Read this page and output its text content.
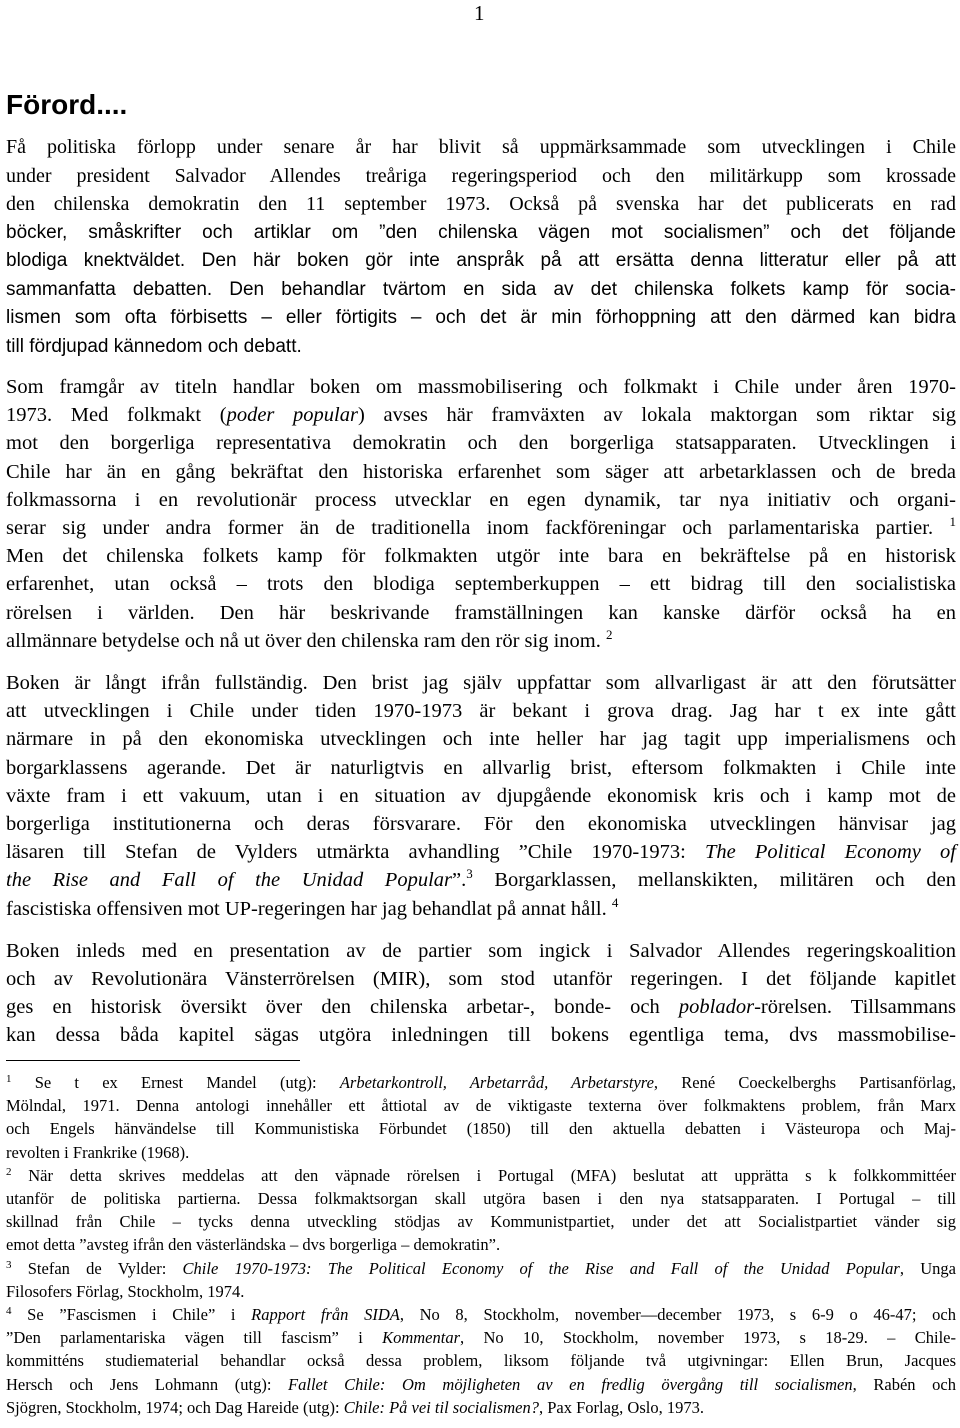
1
Förord....

Få politiska förlopp under senare år har blivit så uppmärksammade som utvecklingen i Chile
under president Salvador Allendes treåriga regeringsperiod och den militärkupp som krossade
den chilenska demokratin den 11 september 1973. Också på svenska har det publicerats en rad
böcker, småskrifter och artiklar om ”den chilenska vägen mot socialismen” och det följande
blodiga knektväldet. Den här boken gör inte anspråk på att ersätta denna litteratur eller på att
sammanfatta debatten. Den behandlar tvärtom en sida av det chilenska folkets kamp för socia-
lismen som ofta förbisetts – eller förtigits – och det är min förhoppning att den därmed kan bidra
till fördjupad kännedom och debatt.

Som framgår av titeln handlar boken om massmobilisering och folkmakt i Chile under åren 1970-
1973. Med folkmakt (poder popular) avses här framväxten av lokala maktorgan som riktar sig
mot den borgerliga representativa demokratin och den borgerliga statsapparaten. Utvecklingen i
Chile har än en gång bekräftat den historiska erfarenhet som säger att arbetarklassen och de breda
folkmassorna i en revolutionär process utvecklar en egen dynamik, tar nya initiativ och organi-
serar sig under andra former än de traditionella inom fackföreningar och parlamentariska partier. $^1$
Men det chilenska folkets kamp för folkmakten utgör inte bara en bekräftelse på en historisk
erfarenhet, utan också – trots den blodiga septemberkuppen – ett bidrag till den socialistiska
rörelsen i världen. Den här beskrivande framställningen kan kanske därför också ha en
allmännare betydelse och nå ut över den chilenska ram den rör sig inom. $^2$

Boken är långt ifrån fullständig. Den brist jag själv uppfattar som allvarligast är att den förutsätter
att utvecklingen i Chile under tiden 1970-1973 är bekant i grova drag. Jag har t ex inte gått
närmare in på den ekonomiska utvecklingen och inte heller har jag tagit upp imperialismens och
borgarklassens agerande. Det är naturligtvis en allvarlig brist, eftersom folkmakten i Chile inte
växte fram i ett vakuum, utan i en situation av djupgående ekonomisk kris och i kamp mot de
borgerliga institutionerna och deras försvarare. För den ekonomiska utvecklingen hänvisar jag
läsaren till Stefan de Vylders utmärkta avhandling ”Chile 1970-1973: The Political Economy of
the Rise and Fall of the Unidad Popular”.$^3$ Borgarklassen, mellanskikten, militären och den
fascistiska offensiven mot UP-regeringen har jag behandlat på annat håll. $^4$

Boken inleds med en presentation av de partier som ingick i Salvador Allendes regeringskoalition
och av Revolutionära Vänsterrörelsen (MIR), som stod utanför regeringen. I det följande kapitlet
ges en historisk översikt över den chilenska arbetar-, bonde- och poblador-rörelsen. Tillsammans
kan dessa båda kapitel sägas utgöra inledningen till bokens egentliga tema, dvs massmobilise-

$^1$ Se t ex Ernest Mandel (utg): Arbetarkontroll, Arbetarråd, Arbetarstyre, René Coeckelberghs Partisanförlag,
Mölndal, 1971. Denna antologi innehåller ett åttiotal av de viktigaste texterna över folkmaktens problem, från Marx
och Engels hänvändelse till Kommunistiska Förbundet (1850) till den aktuella debatten i Västeuropa och Maj-
revolten i Frankrike (1968).

$^2$ När detta skrives meddelas att den väpnade rörelsen i Portugal (MFA) beslutat att upprätta s k folkkommittéer
utanför de politiska partierna. Dessa folkmaktsorgan skall utgöra basen i den nya statsapparaten. I Portugal – till
skillnad från Chile – tycks denna utveckling stödjas av Kommunistpartiet, under det att Socialistpartiet vänder sig
emot detta ”avsteg ifrån den västerländska – dvs borgerliga – demokratin”.

$^3$ Stefan de Vylder: Chile 1970-1973: The Political Economy of the Rise and Fall of the Unidad Popular, Unga
Filosofers Förlag, Stockholm, 1974.

$^4$ Se ”Fascismen i Chile” i Rapport från SIDA, No 8, Stockholm, november—december 1973, s 6-9 o 46-47; och
”Den parlamentariska vägen till fascism” i Kommentar, No 10, Stockholm, november 1973, s 18-29. – Chile-
kommitténs studiematerial behandlar också dessa problem, liksom följande två utgivningar: Ellen Brun, Jacques
Hersch och Jens Lohmann (utg): Fallet Chile: Om möjligheten av en fredlig övergång till socialismen, Rabén och
Sjögren, Stockholm, 1974; och Dag Hareide (utg): Chile: På vei til socialismen?, Pax Forlag, Oslo, 1973.
